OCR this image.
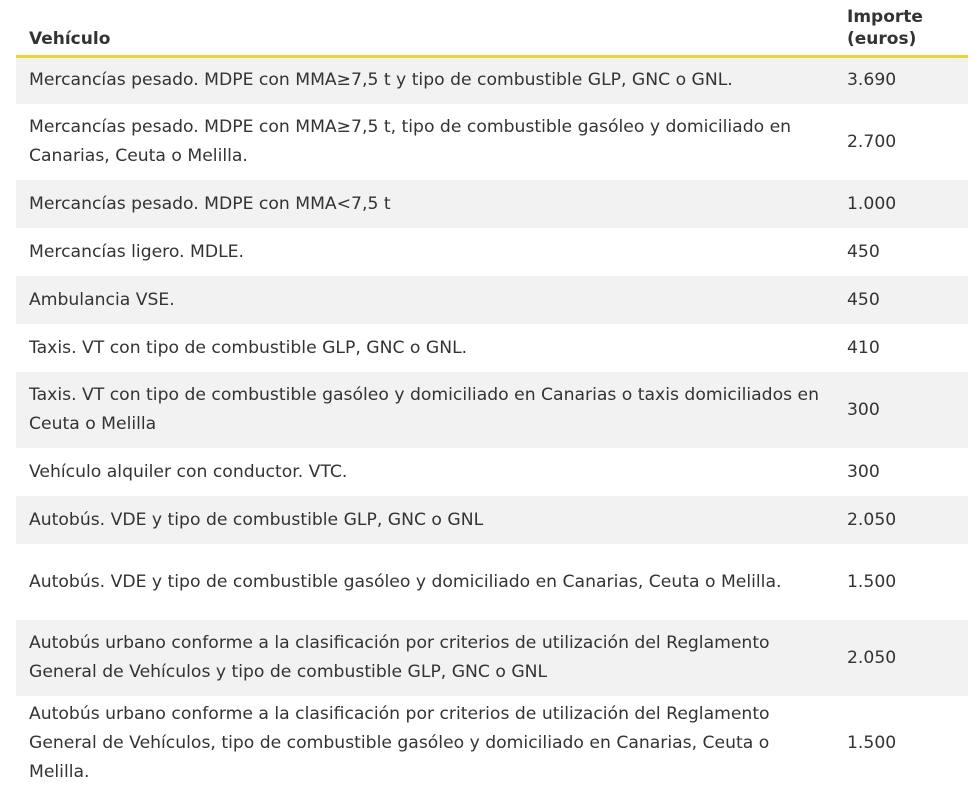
Vehículo	Importe
(euros)
Mercancías pesado. MDPE con MMA≥7,5 t y tipo de combustible GLP, GNC o GNL.	3.690
Mercancías pesado. MDPE con MMA≥7,5 t, tipo de combustible gasóleo y domiciliado en Canarias, Ceuta o Melilla.	2.700
Mercancías pesado. MDPE con MMA<7,5 t	1.000
Mercancías ligero. MDLE.	450
Ambulancia VSE.	450
Taxis. VT con tipo de combustible GLP, GNC o GNL.	410
Taxis. VT con tipo de combustible gasóleo y domiciliado en Canarias o taxis domiciliados en Ceuta o Melilla	300
Vehículo alquiler con conductor. VTC.	300
Autobús. VDE y tipo de combustible GLP, GNC o GNL	2.050
Autobús. VDE y tipo de combustible gasóleo y domiciliado en Canarias, Ceuta o Melilla.	1.500
Autobús urbano conforme a la clasificación por criterios de utilización del Reglamento General de Vehículos y tipo de combustible GLP, GNC o GNL	2.050
Autobús urbano conforme a la clasificación por criterios de utilización del Reglamento General de Vehículos, tipo de combustible gasóleo y domiciliado en Canarias, Ceuta o Melilla.	1.500
